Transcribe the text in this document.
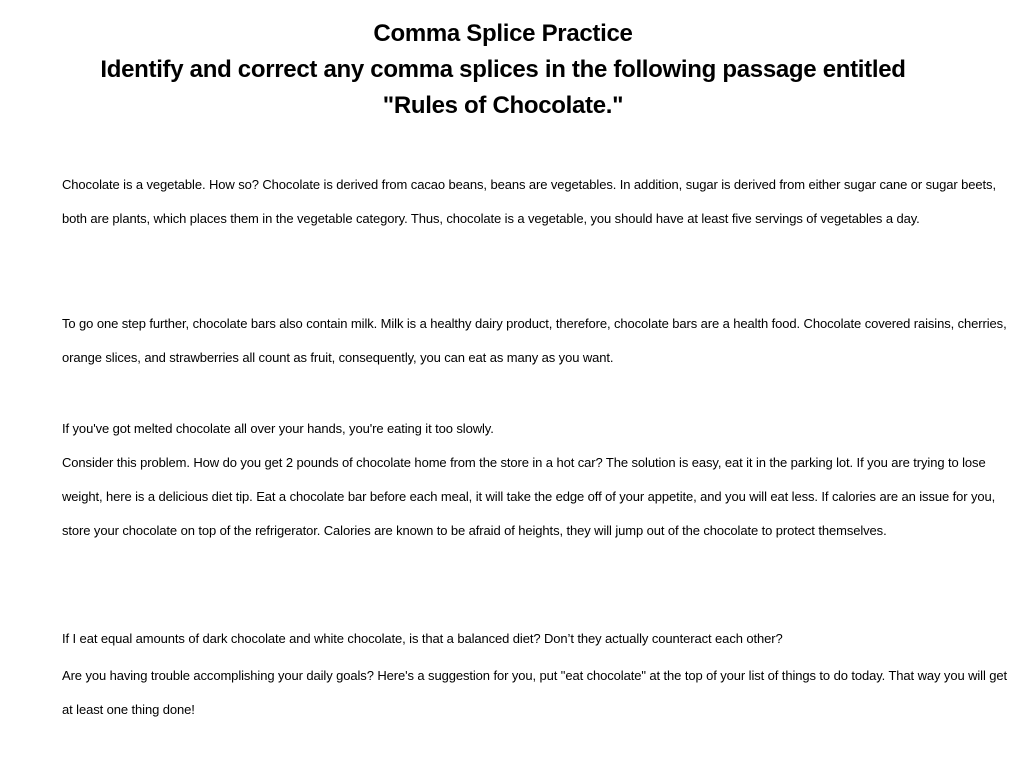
Comma Splice Practice
Identify and correct any comma splices in the following passage entitled
"Rules of Chocolate."

Chocolate is a vegetable. How so? Chocolate is derived from cacao beans, beans are vegetables. In addition, sugar is derived from either sugar cane or sugar beets, both are plants, which places them in the vegetable category. Thus, chocolate is a vegetable, you should have at least five servings of vegetables a day.

To go one step further, chocolate bars also contain milk. Milk is a healthy dairy product, therefore, chocolate bars are a health food. Chocolate covered raisins, cherries, orange slices, and strawberries all count as fruit, consequently, you can eat as many as you want.

If you've got melted chocolate all over your hands, you're eating it too slowly.

Consider this problem. How do you get 2 pounds of chocolate home from the store in a hot car? The solution is easy, eat it in the parking lot. If you are trying to lose weight, here is a delicious diet tip. Eat a chocolate bar before each meal, it will take the edge off of your appetite, and you will eat less. If calories are an issue for you, store your chocolate on top of the refrigerator. Calories are known to be afraid of heights, they will jump out of the chocolate to protect themselves.

If I eat equal amounts of dark chocolate and white chocolate, is that a balanced diet? Don’t they actually counteract each other?

Are you having trouble accomplishing your daily goals? Here's a suggestion for you, put "eat chocolate" at the top of your list of things to do today. That way you will get at least one thing done!
